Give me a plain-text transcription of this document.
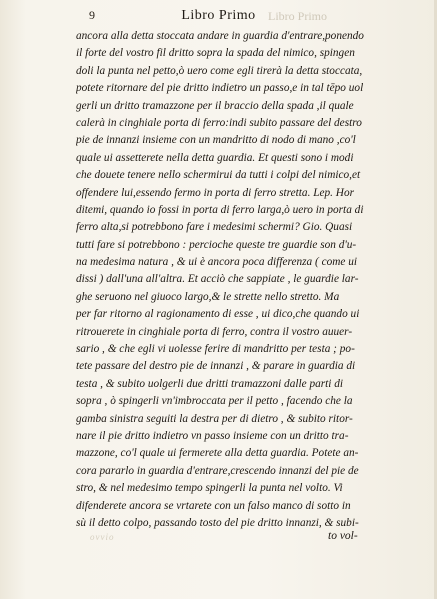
9	Libro Primo	Libro Primo
ancora alla detta stoccata andare in guardia d'entrare,ponendo
il forte del vostro fil dritto sopra la spada del nimico, spingen
doli la punta nel petto,ò uero come egli tirerà la detta stoccata,
potete ritornare del pie dritto indietro un passo,e in tal tēpo uol
gerli un dritto tramazzone per il braccio della spada ,il quale
calerà in cinghiale porta di ferro:indi subito passare del destro
pie de innanzi insieme con un mandritto di nodo di mano ,co'l
quale ui assetterete nella detta guardia. Et questi sono i modi
che douete tenere nello schermirui da tutti i colpi del nimico,et
offendere lui,essendo fermo in porta di ferro stretta. Lep. Hor
ditemi, quando io fossi in porta di ferro larga,ò uero in porta di
ferro alta,si potrebbono fare i medesimi schermi? Gio. Quasi
tutti fare si potrebbono : percioche queste tre guardie son d'u-
na medesima natura , & ui è ancora poca differenza ( come ui
dissi ) dall'una all'altra. Et acciò che sappiate , le guardie lar-
ghe seruono nel giuoco largo,& le strette nello stretto. Ma
per far ritorno al ragionamento di esse , ui dico,che quando ui
ritrouerete in cinghiale porta di ferro, contra il vostro auuer-
sario , & che egli vi uolesse ferire di mandritto per testa ; po-
tete passare del destro pie de innanzi , & parare in guardia di
testa , & subito uolgerli due dritti tramazzoni dalle parti di
sopra , ò spingerli vn'imbroccata per il petto , facendo che la
gamba sinistra seguiti la destra per di dietro , & subito ritor-
nare il pie dritto indietro vn passo insieme con un dritto tra-
mazzone, co'l quale ui fermerete alla detta guardia. Potete an-
cora pararlo in guardia d'entrare,crescendo innanzi del pie de
stro, & nel medesimo tempo spingerli la punta nel volto. Vi
difenderete ancora se vrtarete con un falso manco di sotto in
sù il detto colpo, passando tosto del pie dritto innanzi, & subi-
ovvio	to vol-
